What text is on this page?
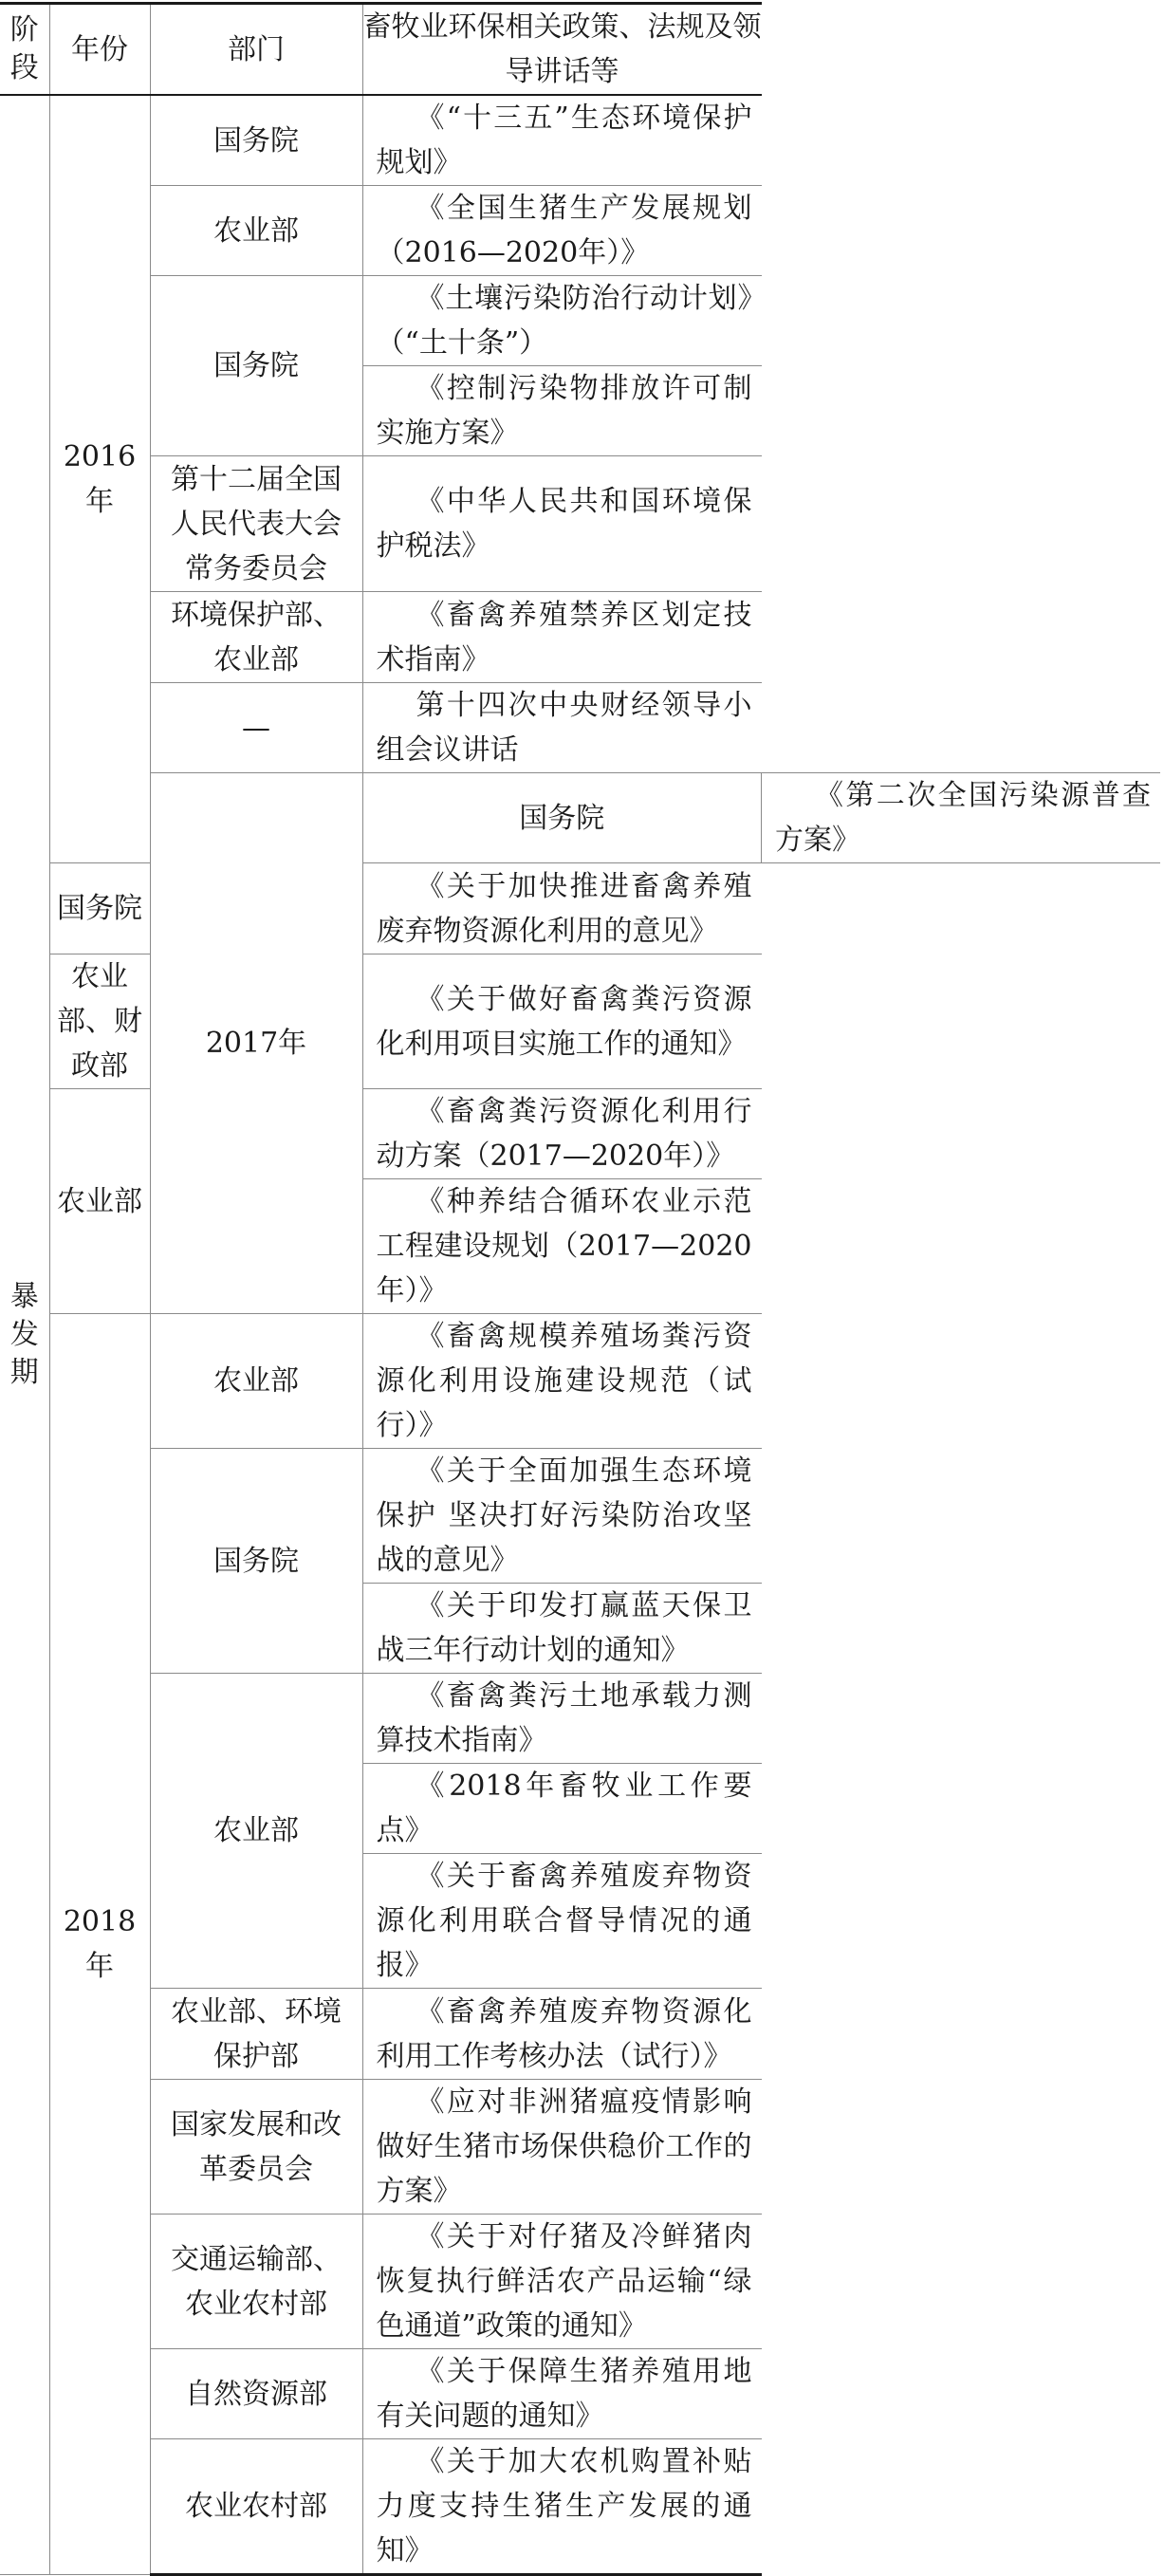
阶段	年份	部门	畜牧业环保相关政策、法规及领导讲话等	

暴发期	2016年	国务院	《“十三五”生态环境保护规划》	
		农业部	《全国生猪生产发展规划（2016—2020年）》	
		国务院	《土壤污染防治行动计划》（“土十条”）	
			《控制污染物排放许可制实施方案》	

		第十二届全国人民代表大会常务委员会	《中华人民共和国环境保护税法》	

		环境保护部、农业部	《畜禽养殖禁养区划定技术指南》	
		—	第十四次中央财经领导小组会议讲话	
		2017年	国务院	《第二次全国污染源普查方案》
	国务院		《关于加快推进畜禽养殖废弃物资源化利用的意见》	
	农业部、财政部		《关于做好畜禽粪污资源化利用项目实施工作的通知》	
	农业部		《畜禽粪污资源化利用行动方案（2017—2020年）》	
			《种养结合循环农业示范工程建设规划（2017—2020年）》	
	2018年	农业部	《畜禽规模养殖场粪污资源化利用设施建设规范（试行）》	
		国务院	《关于全面加强生态环境保护 坚决打好污染防治攻坚战的意见》	
			《关于印发打赢蓝天保卫战三年行动计划的通知》	
		农业部	《畜禽粪污土地承载力测算技术指南》	
			《2018年畜牧业工作要点》	
			《关于畜禽养殖废弃物资源化利用联合督导情况的通报》	

		农业部、环境保护部	《畜禽养殖废弃物资源化利用工作考核办法（试行）》	

		国家发展和改革委员会	《应对非洲猪瘟疫情影响做好生猪市场保供稳价工作的方案》	

		交通运输部、农业农村部	《关于对仔猪及冷鲜猪肉恢复执行鲜活农产品运输“绿色通道”政策的通知》	
		自然资源部	《关于保障生猪养殖用地有关问题的通知》	
		农业农村部	《关于加大农机购置补贴力度支持生猪生产发展的通知》	
